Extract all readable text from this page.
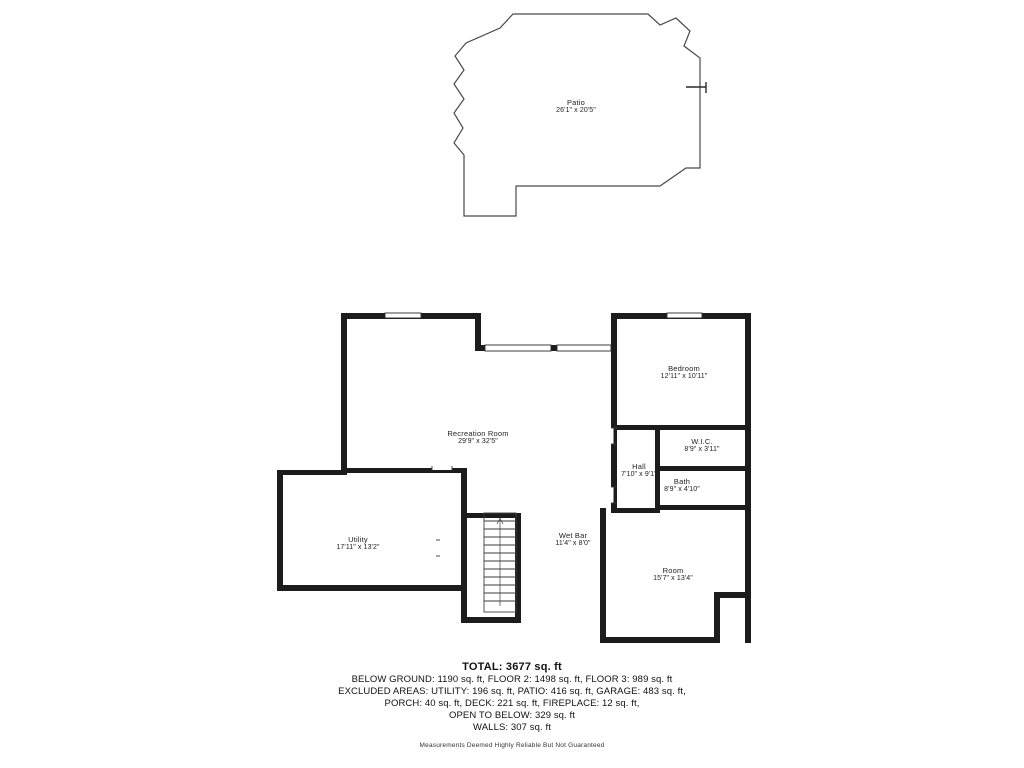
Patio
26'1" x 20'5"
Recreation Room
29'9" x 32'5"
Bedroom
12'11" x 10'11"
W.I.C.
8'9" x 3'11"
Hall
7'10" x 9'1"
Bath
8'9" x 4'10"
Utility
17'11" x 13'2"
Wet Bar
11'4" x 8'0"
Room
15'7" x 13'4"
TOTAL: 3677 sq. ft
BELOW GROUND: 1190 sq. ft, FLOOR 2: 1498 sq. ft, FLOOR 3: 989 sq. ft
EXCLUDED AREAS: UTILITY: 196 sq. ft, PATIO: 416 sq. ft, GARAGE: 483 sq. ft,
PORCH: 40 sq. ft, DECK: 221 sq. ft, FIREPLACE: 12 sq. ft,
OPEN TO BELOW: 329 sq. ft
WALLS: 307 sq. ft
Measurements Deemed Highly Reliable But Not Guaranteed
